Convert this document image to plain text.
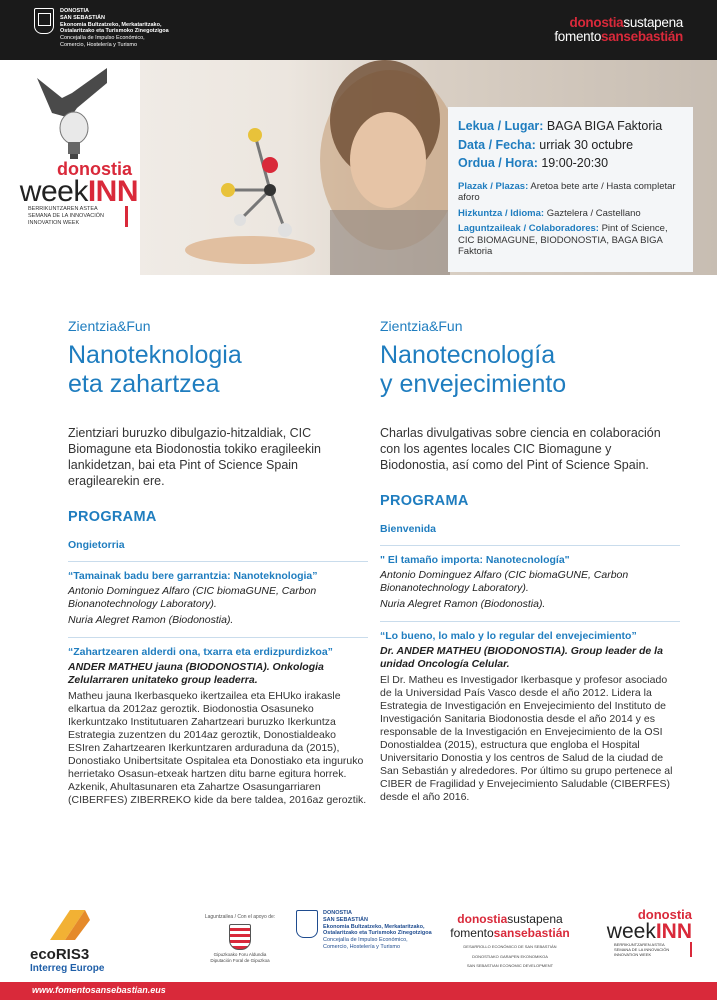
DONOSTIA
SAN SEBASTIÁN
Ekonomia Bultzatzeko, Merkataritzako,
Ostalaritzako eta Turismoko Zinegotzigoa
Concejalía de Impulso Económico,
Comercio, Hostelería y Turismo
donostiasustapena
fomentosansebastián
donostia
weekINN
BERRIKUNTZAREN ASTEA
SEMANA DE LA INNOVACIÓN
INNOVATION WEEK
Lekua / Lugar: BAGA BIGA Faktoria
Data / Fecha: urriak 30 octubre
Ordua / Hora: 19:00-20:30
Plazak / Plazas: Aretoa bete arte / Hasta completar aforo
Hizkuntza / Idioma: Gaztelera / Castellano
Laguntzaileak / Colaboradores: Pint of Science, CIC BIOMAGUNE, BIODONOSTIA, BAGA BIGA Faktoria
Zientzia&Fun
Nanoteknologia
eta zahartzea
Zientziari buruzko dibulgazio-hitzaldiak, CIC Biomagune eta Biodonostia tokiko eragileekin lankidetzan, bai eta Pint of Science Spain eragilearekin ere.
PROGRAMA
Ongietorria
“Tamainak badu bere garrantzia: Nanoteknologia”
Antonio Dominguez Alfaro (CIC biomaGUNE, Carbon Bionanotechnology Laboratory).
Nuria Alegret Ramon (Biodonostia).
“Zahartzearen alderdi ona, txarra eta erdizpurdizkoa”
ANDER MATHEU jauna (BIODONOSTIA). Onkologia Zelularraren unitateko group leaderra.
Matheu jauna Ikerbasqueko ikertzailea eta EHUko irakasle elkartua da 2012az geroztik. Biodonostia Osasuneko Ikerkuntzako Institutuaren Zahartzeari buruzko Ikerkuntza Estrategia zuzentzen du 2014az geroztik, Donostialdeako ESIren Zahartzearen Ikerkuntzaren arduraduna da (2015), Donostiako Unibertsitate Ospitalea eta Donostiako eta inguruko herrietako Osasun-etxeak hartzen ditu barne egitura horrek. Azkenik, Ahultasunaren eta Zahartze Osasungarriaren (CIBERFES) ZIBERREKO kide da bere taldea, 2016az geroztik.
Zientzia&Fun
Nanotecnología
y envejecimiento
Charlas divulgativas sobre ciencia en colaboración con los agentes locales CIC Biomagune y Biodonostia, así como del Pint of Science Spain.
PROGRAMA
Bienvenida
" El tamaño importa: Nanotecnología"
Antonio Dominguez Alfaro (CIC biomaGUNE, Carbon Bionanotechnology Laboratory).
Nuria Alegret Ramon (Biodonostia).
“Lo bueno, lo malo y lo regular del envejecimiento”
Dr. ANDER MATHEU (BIODONOSTIA). Group leader de la unidad Oncología Celular.
El Dr. Matheu es Investigador Ikerbasque y profesor asociado de la Universidad País Vasco desde el año 2012. Lidera la Estrategia de Investigación en Envejecimiento del Instituto de Investigación Sanitaria Biodonostia desde el año 2014 y es responsable de la Investigación en Envejecimiento de la OSI Donostialdea (2015), estructura que engloba el Hospital Universitario Donostia y los centros de Salud de la ciudad de San Sebastián y alrededores. Por último su grupo pertenece al CIBER de Fragilidad y Envejecimiento Saludable (CIBERFES) desde el año 2016.
ecoRIS3
Interreg Europe
Laguntzailea / Con el apoyo de:
Gipuzkoako Foru Aldundia
Diputación Foral de Gipuzkoa
DONOSTIA
SAN SEBASTIÁN
Ekonomia Bultzatzeko, Merkataritzako,
Ostalaritzako eta Turismoko Zinegotzigoa
Concejalía de Impulso Económico,
Comercio, Hostelería y Turismo
donostiasustapena
fomentosansebastián
DESARROLLO ECONÓMICO DE SAN SEBASTIÁN
DONOSTIAKO GARAPEN EKONOMIKOA
SAN SEBASTIAN ECONOMIC DEVELOPMENT
donostia
weekINN
BERRIKUNTZAREN ASTEA
SEMANA DE LA INNOVACIÓN
INNOVATION WEEK
www.fomentosansebastian.eus
